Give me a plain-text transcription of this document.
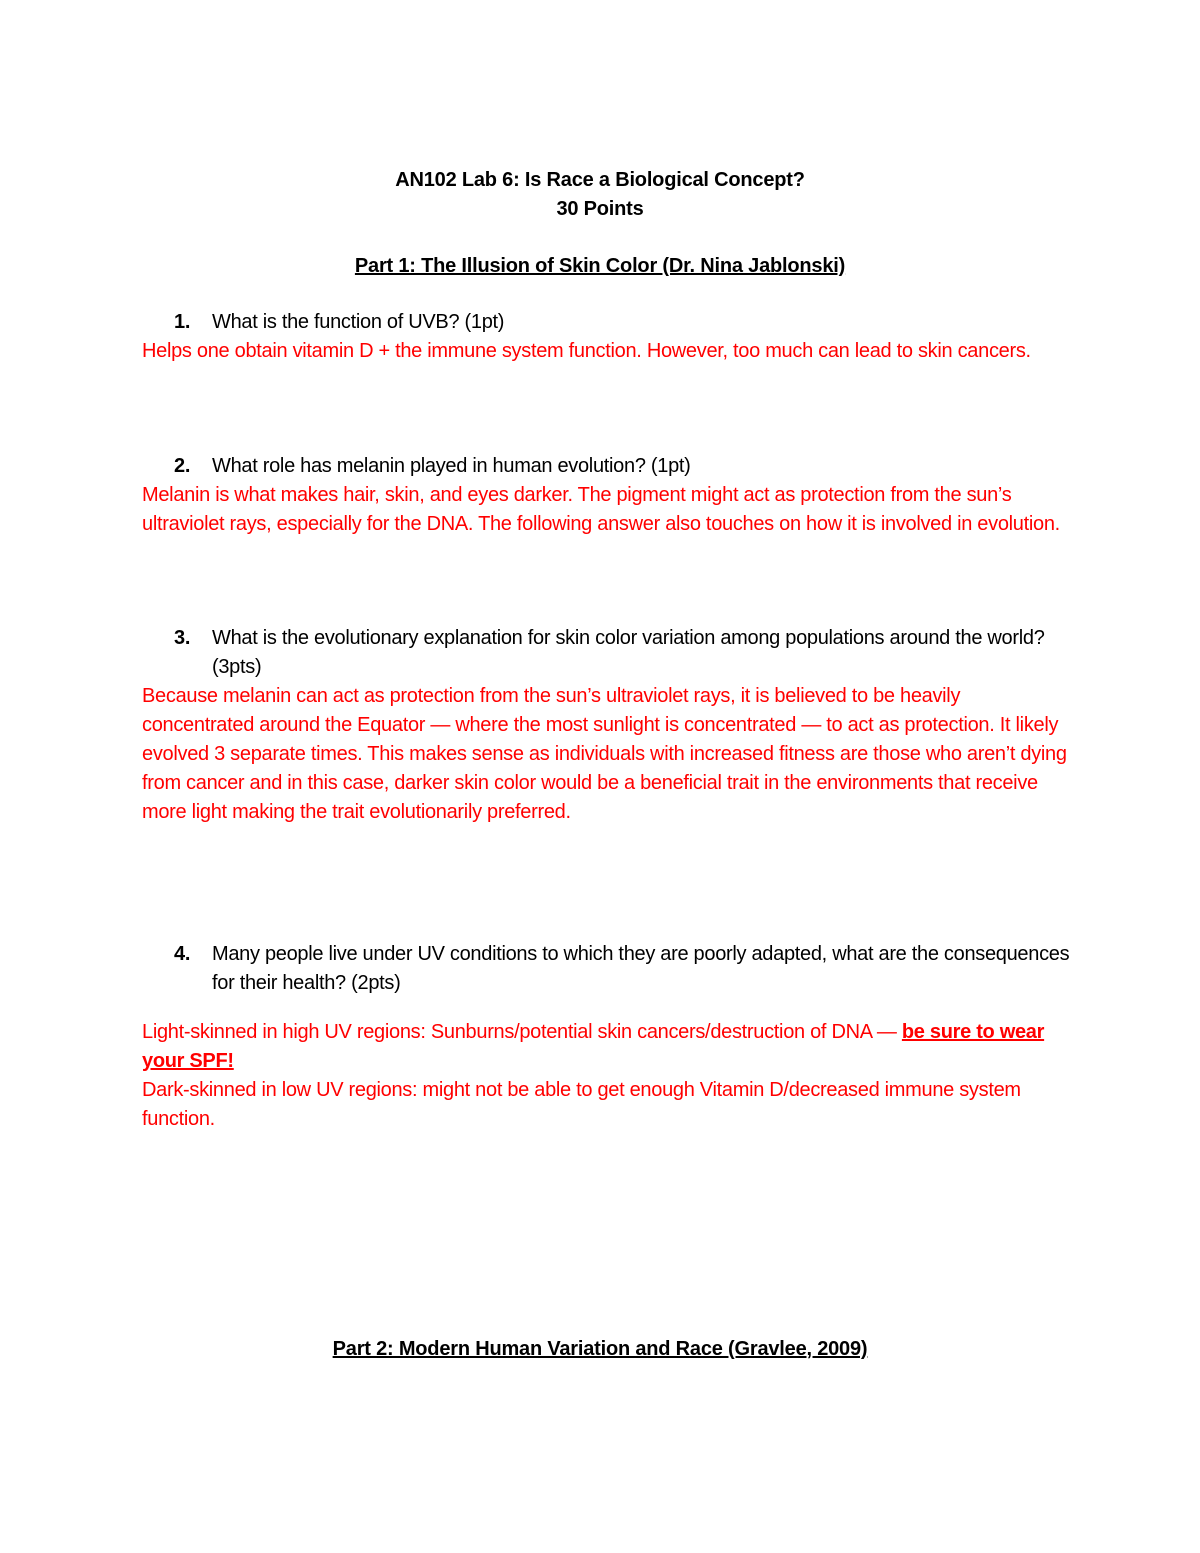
AN102 Lab 6: Is Race a Biological Concept?
30 Points
Part 1: The Illusion of Skin Color (Dr. Nina Jablonski)
1. What is the function of UVB? (1pt)

Helps one obtain vitamin D + the immune system function. However, too much can lead to skin cancers.

2. What role has melanin played in human evolution? (1pt)

Melanin is what makes hair, skin, and eyes darker. The pigment might act as protection from the sun’s ultraviolet rays, especially for the DNA. The following answer also touches on how it is involved in evolution.

3. What is the evolutionary explanation for skin color variation among populations around the world? (3pts)

Because melanin can act as protection from the sun’s ultraviolet rays, it is believed to be heavily concentrated around the Equator — where the most sunlight is concentrated — to act as protection. It likely evolved 3 separate times. This makes sense as individuals with increased fitness are those who aren’t dying from cancer and in this case, darker skin color would be a beneficial trait in the environments that receive more light making the trait evolutionarily preferred.

4. Many people live under UV conditions to which they are poorly adapted, what are the consequences for their health? (2pts)

Light-skinned in high UV regions: Sunburns/potential skin cancers/destruction of DNA — be sure to wear your SPF!

Dark-skinned in low UV regions: might not be able to get enough Vitamin D/decreased immune system function.

Part 2: Modern Human Variation and Race (Gravlee, 2009)
